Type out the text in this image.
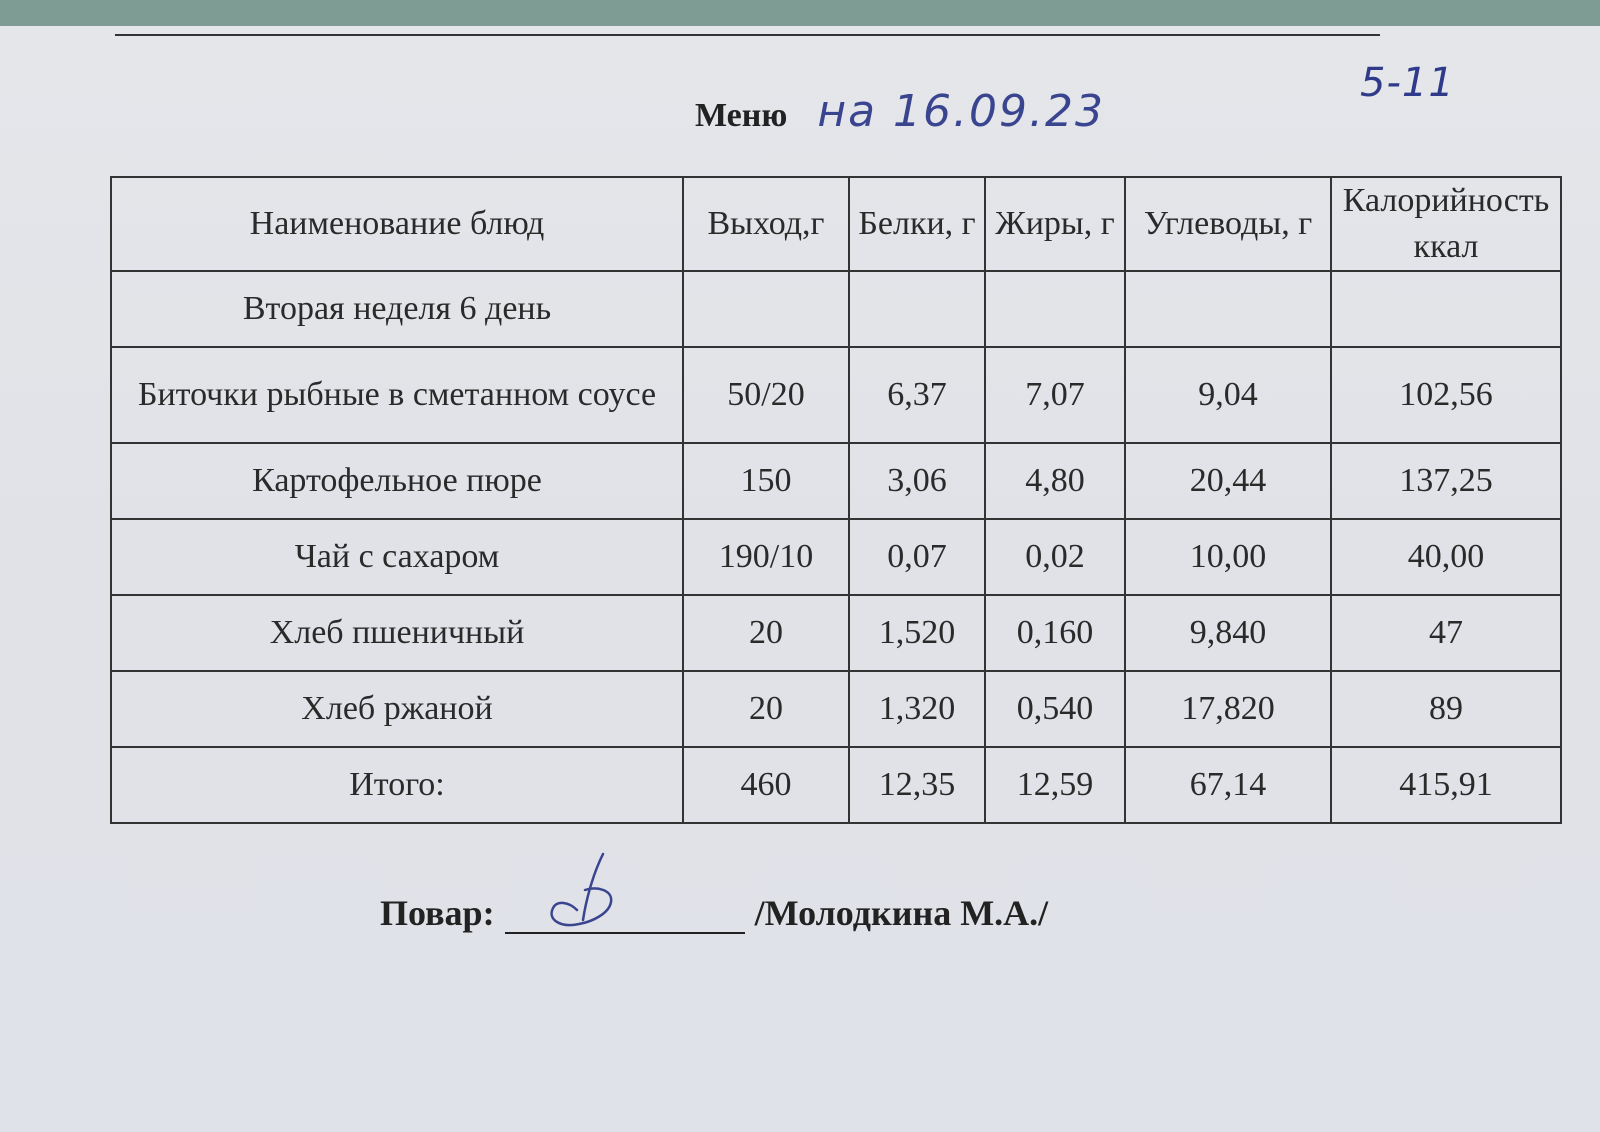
5-11
Меню на 16.09.23
Наименование блюд	Выход,г	Белки, г	Жиры, г	Углеводы, г	Калорийность ккал
Вторая неделя 6 день					
Биточки рыбные в сметанном соусе	50/20	6,37	7,07	9,04	102,56
Картофельное пюре	150	3,06	4,80	20,44	137,25
Чай с сахаром	190/10	0,07	0,02	10,00	40,00
Хлеб пшеничный	20	1,520	0,160	9,840	47
Хлеб ржаной	20	1,320	0,540	17,820	89
Итого:	460	12,35	12,59	67,14	415,91
Повар:	/Молодкина М.А./
